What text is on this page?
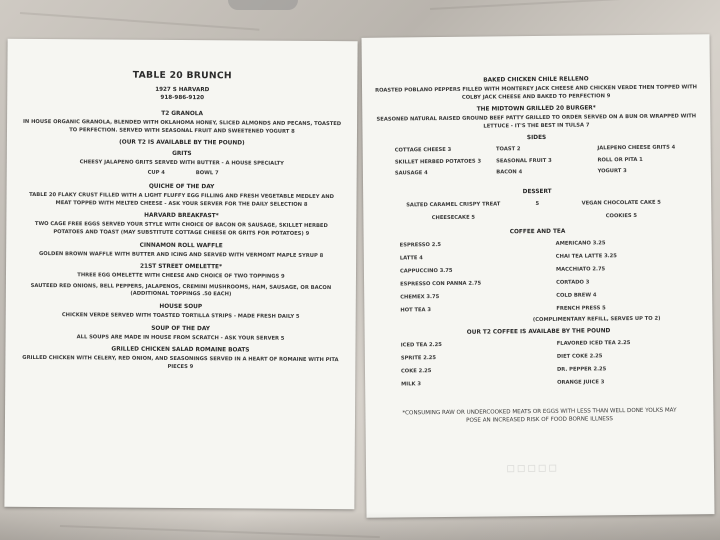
TABLE 20 BRUNCH
1927 S HARVARD
918-986-9120
T2 GRANOLA
IN HOUSE ORGANIC GRANOLA, BLENDED WITH OKLAHOMA HONEY, SLICED ALMONDS AND PECANS, TOASTED TO PERFECTION. SERVED WITH SEASONAL FRUIT AND SWEETENED YOGURT 8
(OUR T2 IS AVAILABLE BY THE POUND)
GRITS
CHEESY JALAPENO GRITS SERVED WITH BUTTER - A HOUSE SPECIALTY
CUP 4	BOWL 7
QUICHE OF THE DAY
TABLE 20 FLAKY CRUST FILLED WITH A LIGHT FLUFFY EGG FILLING AND FRESH VEGETABLE MEDLEY AND MEAT TOPPED WITH MELTED CHEESE - ASK YOUR SERVER FOR THE DAILY SELECTION 8
HARVARD BREAKFAST*
TWO CAGE FREE EGGS SERVED YOUR STYLE WITH CHOICE OF BACON OR SAUSAGE, SKILLET HERBED POTATOES AND TOAST (MAY SUBSTITUTE COTTAGE CHEESE OR GRITS FOR POTATOES) 9
CINNAMON ROLL WAFFLE
GOLDEN BROWN WAFFLE WITH BUTTER AND ICING AND SERVED WITH VERMONT MAPLE SYRUP 8
21ST STREET OMELETTE*
THREE EGG OMELETTE WITH CHEESE AND CHOICE OF TWO TOPPINGS 9
SAUTEED RED ONIONS, BELL PEPPERS, JALAPENOS, CREMINI MUSHROOMS, HAM, SAUSAGE, OR BACON (ADDITIONAL TOPPINGS .50 EACH)
HOUSE SOUP
CHICKEN VERDE SERVED WITH TOASTED TORTILLA STRIPS - MADE FRESH DAILY 5
SOUP OF THE DAY
ALL SOUPS ARE MADE IN HOUSE FROM SCRATCH - ASK YOUR SERVER 5
GRILLED CHICKEN SALAD ROMAINE BOATS
GRILLED CHICKEN WITH CELERY, RED ONION, AND SEASONINGS SERVED IN A HEART OF ROMAINE WITH PITA PIECES 9
BAKED CHICKEN CHILE RELLENO
ROASTED POBLANO PEPPERS FILLED WITH MONTEREY JACK CHEESE AND CHICKEN VERDE THEN TOPPED WITH COLBY JACK CHEESE AND BAKED TO PERFECTION 9
THE MIDTOWN GRILLED 20 BURGER*
SEASONED NATURAL RAISED GROUND BEEF PATTY GRILLED TO ORDER SERVED ON A BUN OR WRAPPED WITH LETTUCE - IT'S THE BEST IN TULSA 7
SIDES
COTTAGE CHEESE 3	TOAST 2	JALEPENO CHEESE GRITS 4
SKILLET HERBED POTATOES 3	SEASONAL FRUIT 3	ROLL OR PITA 1
SAUSAGE 4	BACON 4	YOGURT 3
DESSERT
SALTED CARAMEL CRISPY TREAT	5	VEGAN CHOCOLATE CAKE 5
CHEESECAKE 5	COOKIES 5
COFFEE AND TEA
ESPRESSO 2.5	AMERICANO 3.25
LATTE 4	CHAI TEA LATTE 3.25
CAPPUCCINO 3.75	MACCHIATO 2.75
ESPRESSO CON PANNA 2.75	CORTADO 3
CHEMEX 3.75	COLD BREW 4
HOT TEA 3	FRENCH PRESS 5
(COMPLIMENTARY REFILL, SERVES UP TO 2)
OUR T2 COFFEE IS AVAILABE BY THE POUND
ICED TEA 2.25	FLAVORED ICED TEA 2.25
SPRITE 2.25	DIET COKE 2.25
COKE 2.25	DR. PEPPER 2.25
MILK 3	ORANGE JUICE 3
*CONSUMING RAW OR UNDERCOOKED MEATS OR EGGS WITH LESS THAN WELL DONE YOLKS MAY POSE AN INCREASED RISK OF FOOD BORNE ILLNESS
▫▫▫▫▫
